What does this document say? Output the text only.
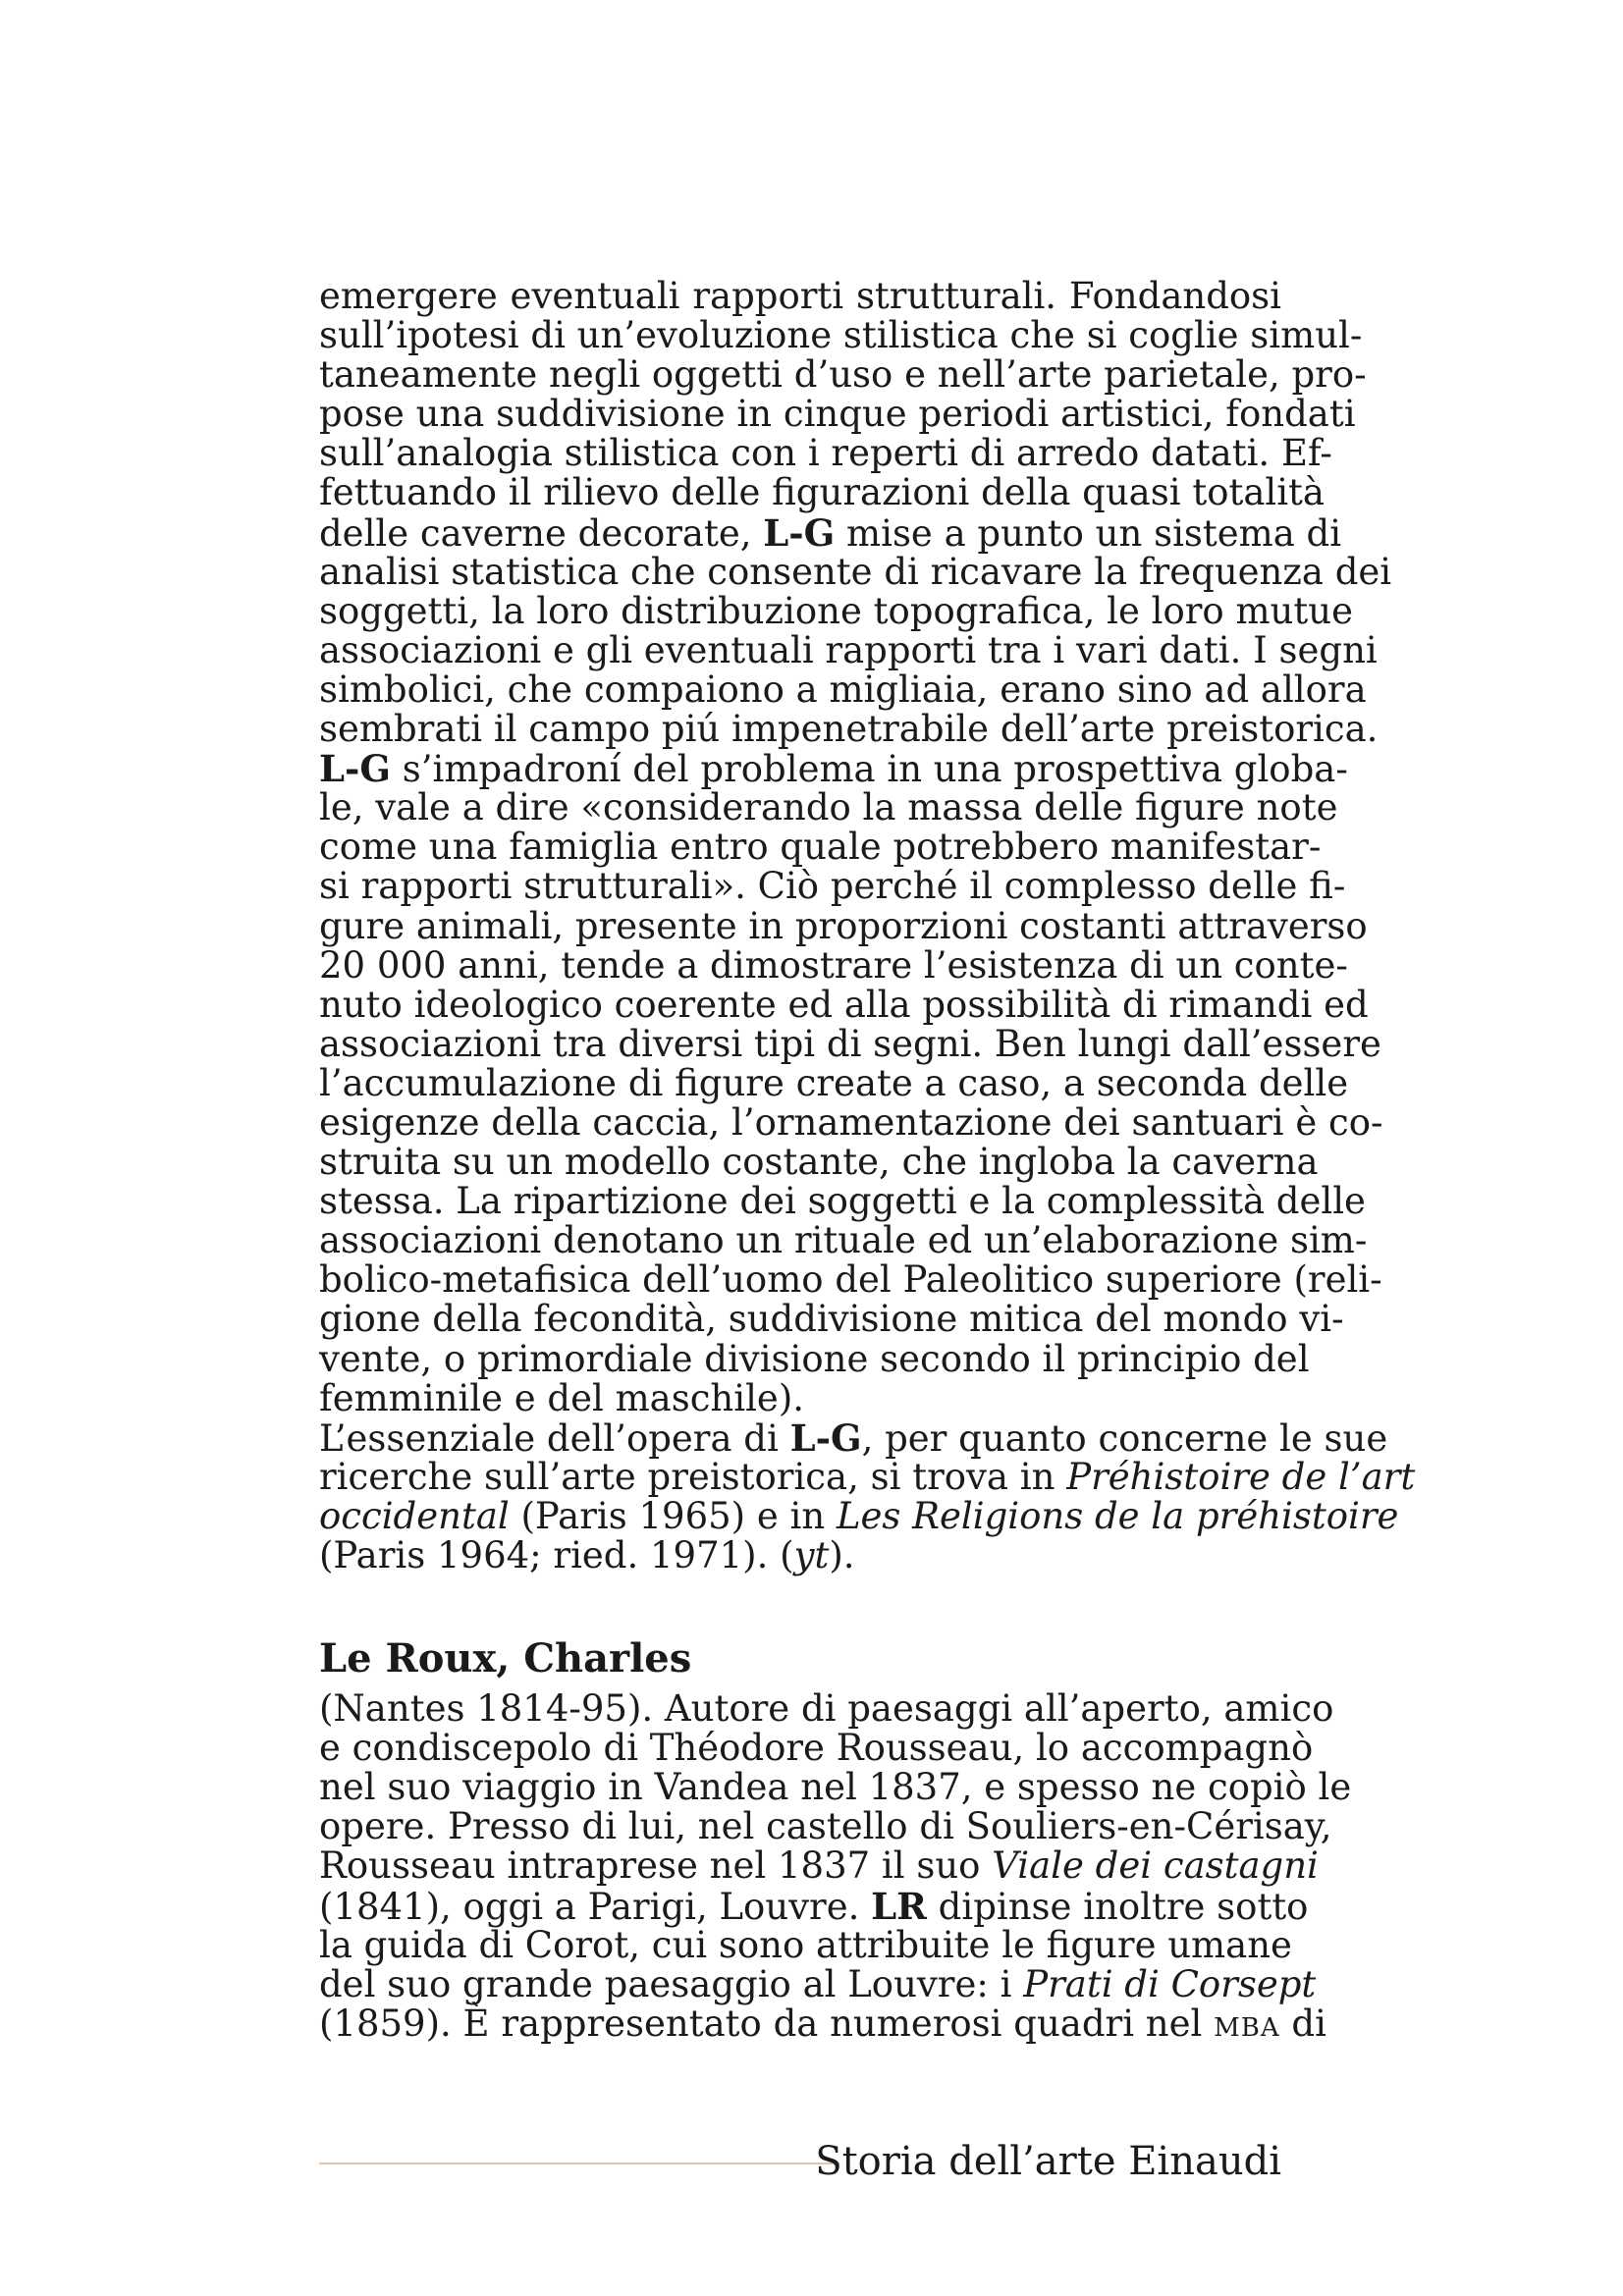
emergere eventuali rapporti strutturali. Fondandosi
sull’ipotesi di un’evoluzione stilistica che si coglie simul-
taneamente negli oggetti d’uso e nell’arte parietale, pro-
pose una suddivisione in cinque periodi artistici, fondati
sull’analogia stilistica con i reperti di arredo datati. Ef-
fettuando il rilievo delle figurazioni della quasi totalità
delle caverne decorate, L-G mise a punto un sistema di
analisi statistica che consente di ricavare la frequenza dei
soggetti, la loro distribuzione topografica, le loro mutue
associazioni e gli eventuali rapporti tra i vari dati. I segni
simbolici, che compaiono a migliaia, erano sino ad allora
sembrati il campo piú impenetrabile dell’arte preistorica.
L-G s’impadroní del problema in una prospettiva globa-
le, vale a dire «considerando la massa delle figure note
come una famiglia entro quale potrebbero manifestar-
si rapporti strutturali». Ciò perché il complesso delle fi-
gure animali, presente in proporzioni costanti attraverso
20 000 anni, tende a dimostrare l’esistenza di un conte-
nuto ideologico coerente ed alla possibilità di rimandi ed
associazioni tra diversi tipi di segni. Ben lungi dall’essere
l’accumulazione di figure create a caso, a seconda delle
esigenze della caccia, l’ornamentazione dei santuari è co-
struita su un modello costante, che ingloba la caverna
stessa. La ripartizione dei soggetti e la complessità delle
associazioni denotano un rituale ed un’elaborazione sim-
bolico-metafisica dell’uomo del Paleolitico superiore (reli-
gione della fecondità, suddivisione mitica del mondo vi-
vente, o primordiale divisione secondo il principio del
femminile e del maschile).
L’essenziale dell’opera di L-G, per quanto concerne le sue
ricerche sull’arte preistorica, si trova in Préhistoire de l’art
occidental (Paris 1965) e in Les Religions de la préhistoire
(Paris 1964; ried. 1971). (yt).
Le Roux, Charles
(Nantes 1814-95). Autore di paesaggi all’aperto, amico
e condiscepolo di Théodore Rousseau, lo accompagnò
nel suo viaggio in Vandea nel 1837, e spesso ne copiò le
opere. Presso di lui, nel castello di Souliers-en-Cérisay,
Rousseau intraprese nel 1837 il suo Viale dei castagni
(1841), oggi a Parigi, Louvre. LR dipinse inoltre sotto
la guida di Corot, cui sono attribuite le figure umane
del suo grande paesaggio al Louvre: i Prati di Corsept
(1859). È rappresentato da numerosi quadri nel mba di
Storia dell’arte Einaudi
